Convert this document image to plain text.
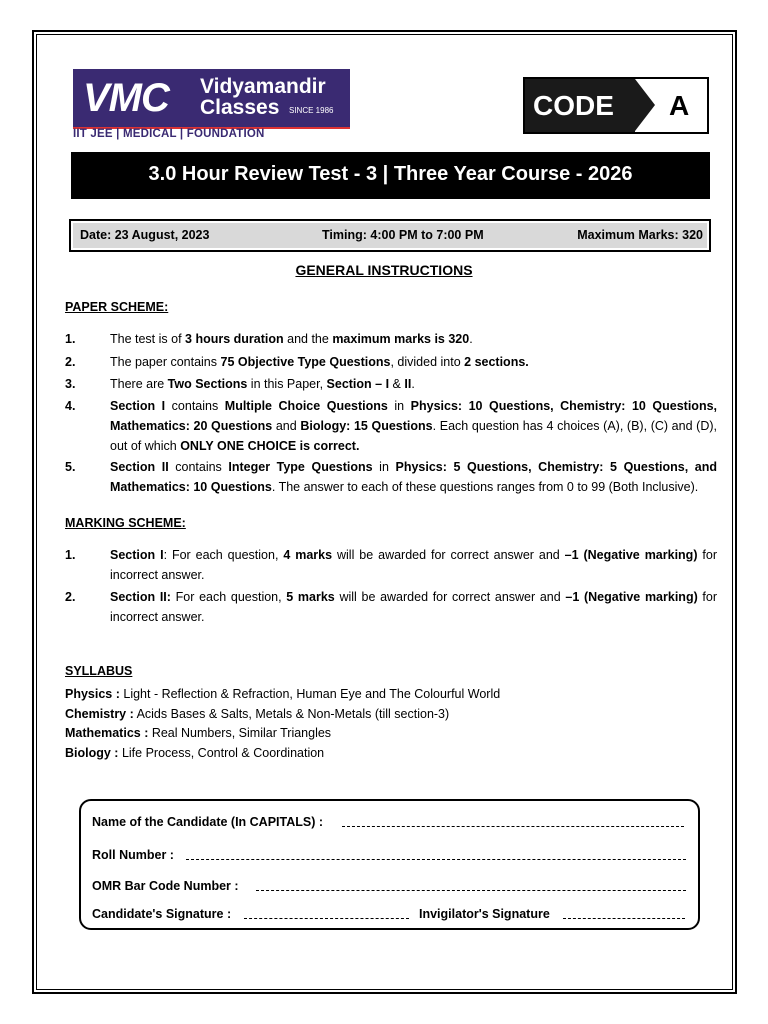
VMC Vidyamandir
Classes SINCE 1986
IIT JEE | MEDICAL | FOUNDATION
CODE A
3.0 Hour Review Test - 3 | Three Year Course - 2026
Date: 23 August, 2023	Timing: 4:00 PM to 7:00 PM	Maximum Marks: 320
GENERAL INSTRUCTIONS
PAPER SCHEME:
1.	The test is of 3 hours duration and the maximum marks is 320.
2.	The paper contains 75 Objective Type Questions, divided into 2 sections.
3.	There are Two Sections in this Paper, Section – I & II.
4.	Section I contains Multiple Choice Questions in Physics: 10 Questions, Chemistry: 10 Questions, Mathematics: 20 Questions and Biology: 15 Questions. Each question has 4 choices (A), (B), (C) and (D), out of which ONLY ONE CHOICE is correct.
5.	Section II contains Integer Type Questions in Physics: 5 Questions, Chemistry: 5 Questions, and Mathematics: 10 Questions. The answer to each of these questions ranges from 0 to 99 (Both Inclusive).
MARKING SCHEME:
1.	Section I: For each question, 4 marks will be awarded for correct answer and –1 (Negative marking) for incorrect answer.
2.	Section II: For each question, 5 marks will be awarded for correct answer and –1 (Negative marking) for incorrect answer.
SYLLABUS
Physics : Light - Reflection & Refraction, Human Eye and The Colourful World
Chemistry : Acids Bases & Salts, Metals & Non-Metals (till section-3)
Mathematics : Real Numbers, Similar Triangles
Biology : Life Process, Control & Coordination
Name of the Candidate (In CAPITALS) :
Roll Number :
OMR Bar Code Number :
Candidate's Signature :	Invigilator's Signature
